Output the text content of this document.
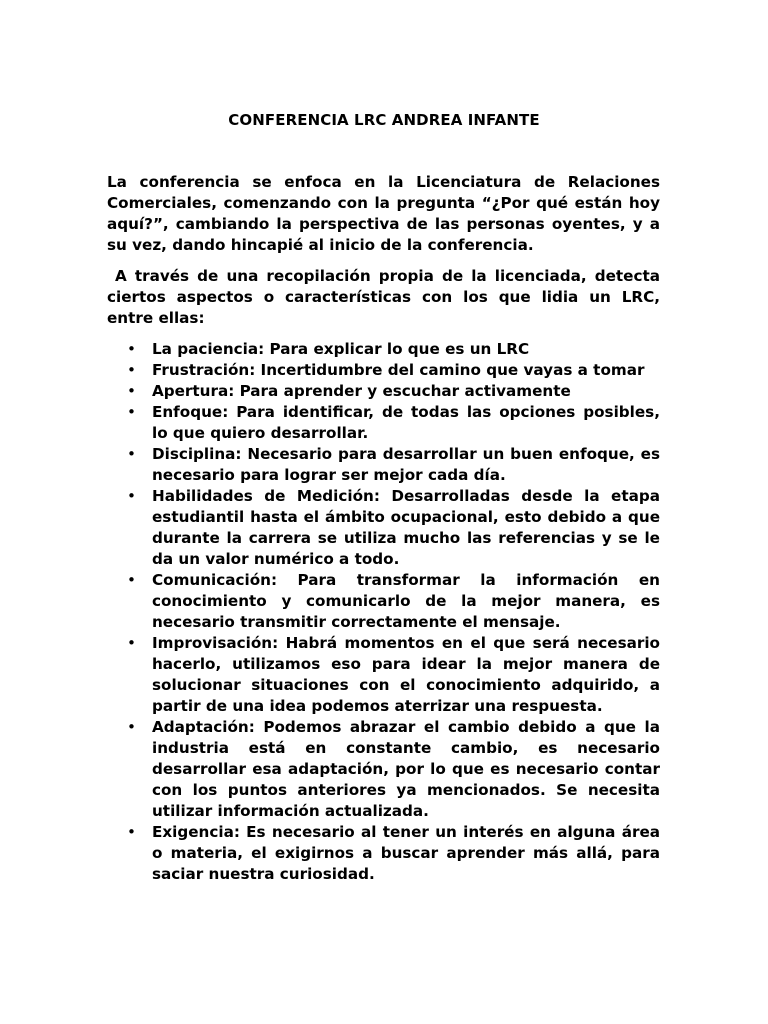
CONFERENCIA LRC ANDREA INFANTE

La conferencia se enfoca en la Licenciatura de Relaciones Comerciales, comenzando con la pregunta “¿Por qué están hoy aquí?”, cambiando la perspectiva de las personas oyentes, y a su vez, dando hincapié al inicio de la conferencia.

A través de una recopilación propia de la licenciada, detecta ciertos aspectos o características con los que lidia un LRC, entre ellas:

• La paciencia: Para explicar lo que es un LRC
• Frustración: Incertidumbre del camino que vayas a tomar
• Apertura: Para aprender y escuchar activamente
• Enfoque: Para identificar, de todas las opciones posibles, lo que quiero desarrollar.
• Disciplina: Necesario para desarrollar un buen enfoque, es necesario para lograr ser mejor cada día.
• Habilidades de Medición: Desarrolladas desde la etapa estudiantil hasta el ámbito ocupacional, esto debido a que durante la carrera se utiliza mucho las referencias y se le da un valor numérico a todo.
• Comunicación: Para transformar la información en conocimiento y comunicarlo de la mejor manera, es necesario transmitir correctamente el mensaje.
• Improvisación: Habrá momentos en el que será necesario hacerlo, utilizamos eso para idear la mejor manera de solucionar situaciones con el conocimiento adquirido, a partir de una idea podemos aterrizar una respuesta.
• Adaptación: Podemos abrazar el cambio debido a que la industria está en constante cambio, es necesario desarrollar esa adaptación, por lo que es necesario contar con los puntos anteriores ya mencionados. Se necesita utilizar información actualizada.
• Exigencia: Es necesario al tener un interés en alguna área o materia, el exigirnos a buscar aprender más allá, para saciar nuestra curiosidad.
